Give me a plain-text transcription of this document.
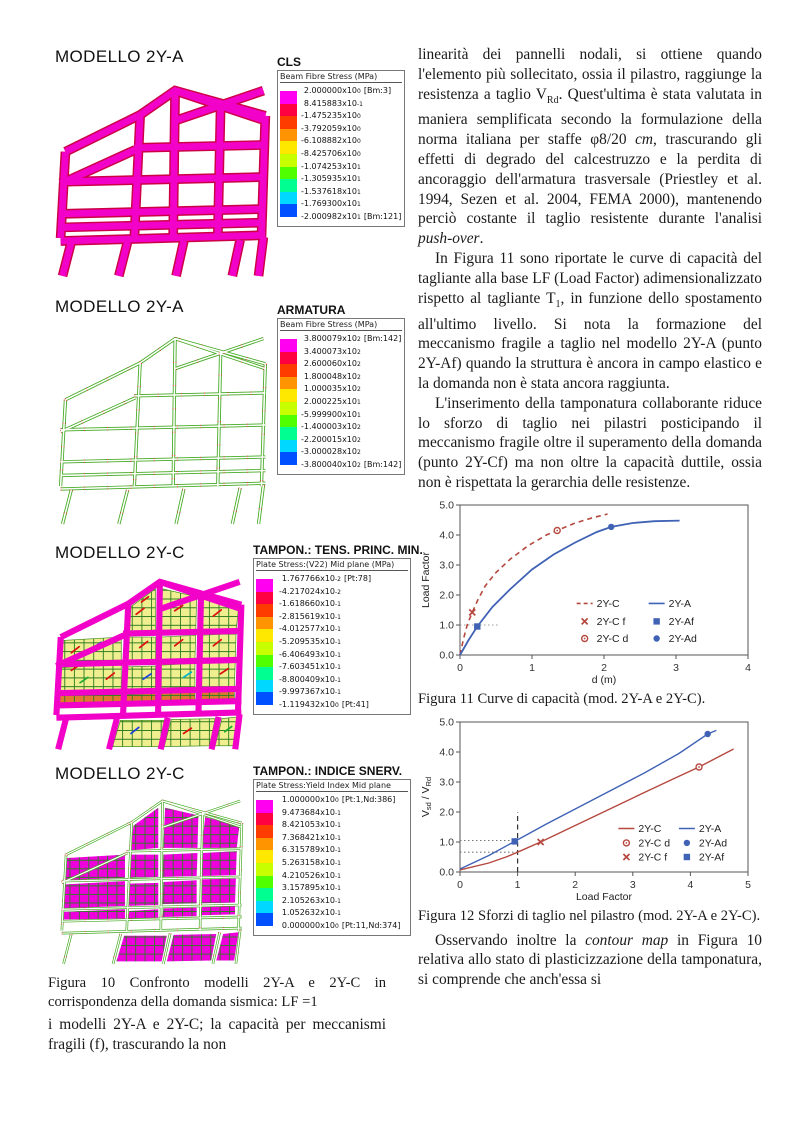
MODELLO 2Y-A	CLS
Beam Fibre Stress (MPa)
2.000000x10 0 [Bm:3]
8.415883x10 -1
-1.475235x10 0
-3.792059x10 0
-6.108882x10 0
-8.425706x10 0
-1.074253x10 1
-1.305935x10 1
-1.537618x10 1
-1.769300x10 1
-2.000982x10 1 [Bm:121]
MODELLO 2Y-A	ARMATURA
Beam Fibre Stress (MPa)
3.800079x10 2 [Bm:142]
3.400073x10 2
2.600060x10 2
1.800048x10 2
1.000035x10 2
2.000225x10 1
-5.999900x10 1
-1.400003x10 2
-2.200015x10 2
-3.000028x10 2
-3.800040x10 2 [Bm:142]
MODELLO 2Y-C	TAMPON.: TENS. PRINC. MIN.
Plate Stress:(V22) Mid plane (MPa)
1.767766x10 -2 [Pt:78]
-4.217024x10 -2
-1.618660x10 -1
-2.815619x10 -1
-4.012577x10 -1
-5.209535x10 -1
-6.406493x10 -1
-7.603451x10 -1
-8.800409x10 -1
-9.997367x10 -1
-1.119432x10 0 [Pt:41]
MODELLO 2Y-C	TAMPON.: INDICE SNERV.
Plate Stress:Yield Index Mid plane
1.000000x10 0 [Pt:1,Nd:386]
9.473684x10 -1
8.421053x10 -1
7.368421x10 -1
6.315789x10 -1
5.263158x10 -1
4.210526x10 -1
3.157895x10 -1
2.105263x10 -1
1.052632x10 -1
0.000000x10 0 [Pt:11,Nd:374]
Figura 10 Confronto modelli 2Y-A e 2Y-C in corrispondenza della domanda sismica: LF =1
i modelli 2Y-A e 2Y-C; la capacità per meccanismi fragili (f), trascurando la non

linearità dei pannelli nodali, si ottiene quando l'elemento più sollecitato, ossia il pilastro, raggiunge la resistenza a taglio $V_{Rd}$. Quest'ultima è stata valutata in maniera semplificata secondo la formulazione della norma italiana per staffe φ8/20 cm, trascurando gli effetti di degrado del calcestruzzo e la perdita di ancoraggio dell'armatura trasversale (Priestley et al. 1994, Sezen et al. 2004, FEMA 2000), mantenendo perciò costante il taglio resistente durante l'analisi push-over.

In Figura 11 sono riportate le curve di capacità del tagliante alla base LF (Load Factor) adimensionalizzato rispetto al tagliante $T_1$, in funzione dello spostamento all'ultimo livello. Si nota la formazione del meccanismo fragile a taglio nel modello 2Y-A (punto 2Y-Af) quando la struttura è ancora in campo elastico e la domanda non è stata ancora raggiunta.

L'inserimento della tamponatura collaborante riduce lo sforzo di taglio nei pilastri posticipando il meccanismo fragile oltre il superamento della domanda (punto 2Y-Cf) ma non oltre la capacità duttile, ossia non è rispettata la gerarchia delle resistenze.

0	1	2	3	4
0.0
1.0
2.0
3.0
4.0
5.0
2Y-C	2Y-A
2Y-C f	2Y-Af
2Y-C d	2Y-Ad
d (m)
Load Factor
Figura 11 Curve di capacità (mod. 2Y-A e 2Y-C).
0	1	2	3	4	5
0.0
1.0
2.0
3.0
4.0
5.0
2Y-C	2Y-A
2Y-C d	2Y-Ad
2Y-C f	2Y-Af
Load Factor
Vsd / VRd
Figura 12 Sforzi di taglio nel pilastro (mod. 2Y-A e 2Y-C).

Osservando inoltre la contour map in Figura 10 relativa allo stato di plasticizzazione della tamponatura, si comprende che anch'essa si
